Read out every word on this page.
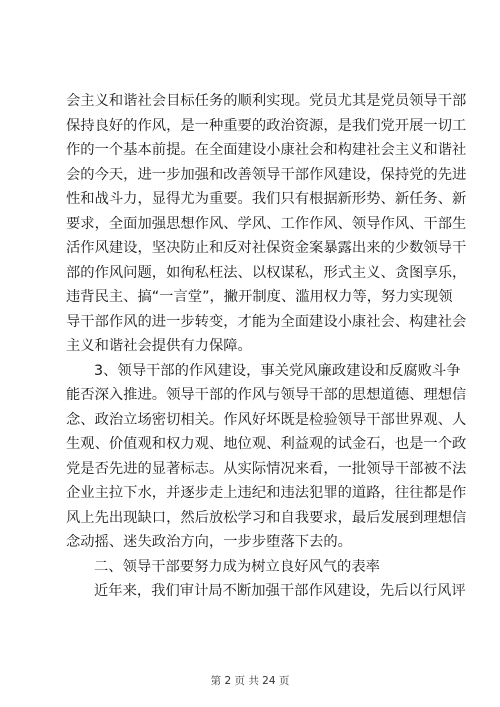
会主义和谐社会目标任务的顺利实现。党员尤其是党员领导干部
保持良好的作风，是一种重要的政治资源，是我们党开展一切工
作的一个基本前提。在全面建设小康社会和构建社会主义和谐社
会的今天，进一步加强和改善领导干部作风建设，保持党的先进
性和战斗力，显得尤为重要。我们只有根据新形势、新任务、新
要求，全面加强思想作风、学风、工作作风、领导作风、干部生
活作风建设，坚决防止和反对社保资金案暴露出来的少数领导干
部的作风问题，如徇私枉法、以权谋私，形式主义、贪图享乐，
违背民主、搞“一言堂”，撇开制度、滥用权力等，努力实现领
导干部作风的进一步转变，才能为全面建设小康社会、构建社会
主义和谐社会提供有力保障。
3、领导干部的作风建设，事关党风廉政建设和反腐败斗争
能否深入推进。领导干部的作风与领导干部的思想道德、理想信
念、政治立场密切相关。作风好坏既是检验领导干部世界观、人
生观、价值观和权力观、地位观、利益观的试金石，也是一个政
党是否先进的显著标志。从实际情况来看，一批领导干部被不法
企业主拉下水，并逐步走上违纪和违法犯罪的道路，往往都是作
风上先出现缺口，然后放松学习和自我要求，最后发展到理想信
念动摇、迷失政治方向，一步步堕落下去的。
二、领导干部要努力成为树立良好风气的表率
近年来，我们审计局不断加强干部作风建设，先后以行风评
第 2 页 共 24 页
